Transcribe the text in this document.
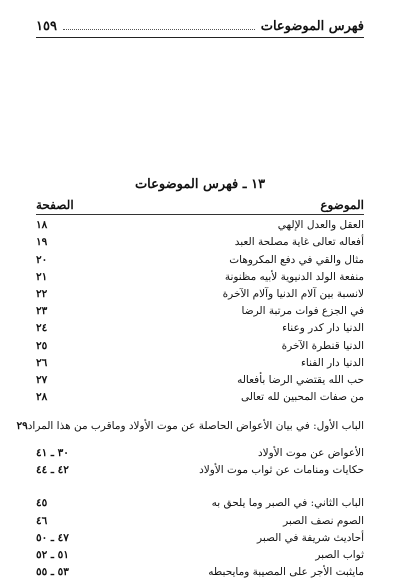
فهرس الموضوعات
١٥٩
١٣ ـ فهرس الموضوعات
الموضوع
الصفحة
العقل والعدل الإلهي
١٨
أفعاله تعالى غاية مصلحة العبد
١٩
مثال والقي في دفع المكروهات
٢٠
منفعة الولد الدنيوية لأبيه مظنونة
٢١
لانسبة بين آلام الدنيا وآلام الآخرة
٢٢
في الجزع فوات مرتبة الرضا
٢٣
الدنيا دار كدر وعناء
٢٤
الدنيا قنطرة الآخرة
٢٥
الدنيا دار الفناء
٢٦
حب الله يقتضي الرضا بأفعاله
٢٧
من صفات المحبين لله تعالى
٢٨
الباب الأول: في بيان الأعواض الحاصلة عن موت الأولاد وماقرب من هذا المراد
٢٩
الأعواض عن موت الأولاد
٣٠ ـ ٤١
حكايات ومنامات عن ثواب موت الأولاد
٤٢ ـ ٤٤
الباب الثاني: في الصبر وما يلحق به
٤٥
الصوم نصف الصبر
٤٦
أحاديث شريفة في الصبر
٤٧ ـ ٥٠
ثواب الصبر
٥١ ـ ٥٢
مايثبت الأجر على المصيبة ومايحبطه
٥٣ ـ ٥٥
